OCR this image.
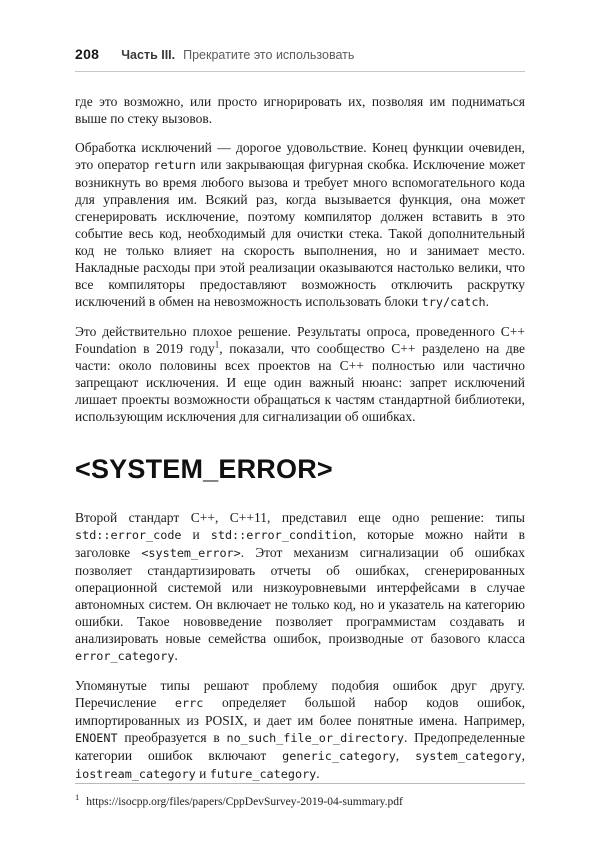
208 Часть III. Прекратите это использовать

где это возможно, или просто игнорировать их, позволяя им подниматься выше по стеку вызовов.

Обработка исключений — дорогое удовольствие. Конец функции очевиден, это оператор return или закрывающая фигурная скобка. Исключение может возникнуть во время любого вызова и требует много вспомогательного кода для управления им. Всякий раз, когда вызывается функция, она может сгенерировать исключение, поэтому компилятор должен вставить в это событие весь код, необходимый для очистки стека. Такой дополнительный код не только влияет на скорость выполнения, но и занимает место. Накладные расходы при этой реализации оказываются настолько велики, что все компиляторы предоставляют возможность отключить раскрутку исключений в обмен на невозможность использовать блоки try/catch.

Это действительно плохое решение. Результаты опроса, проведенного C++ Foundation в 2019 году$^1$, показали, что сообщество C++ разделено на две части: около половины всех проектов на C++ полностью или частично запрещают исключения. И еще один важный нюанс: запрет исключений лишает проекты возможности обращаться к частям стандартной библиотеки, использующим исключения для сигнализации об ошибках.

<SYSTEM_ERROR>

Второй стандарт C++, C++11, представил еще одно решение: типы std::error_code и std::error_condition, которые можно найти в заголовке <system_error>. Этот механизм сигнализации об ошибках позволяет стандартизировать отчеты об ошибках, сгенерированных операционной системой или низкоуровневыми интерфейсами в случае автономных систем. Он включает не только код, но и указатель на категорию ошибки. Такое нововведение позволяет программистам создавать и анализировать новые семейства ошибок, производные от базового класса error_category.

Упомянутые типы решают проблему подобия ошибок друг другу. Перечисление errc определяет большой набор кодов ошибок, импортированных из POSIX, и дает им более понятные имена. Например, ENOENT преобразуется в no_such_file_or_directory. Предопределенные категории ошибок включают generic_category, system_category, iostream_category и future_category.

$^1$ https://isocpp.org/files/papers/CppDevSurvey-2019-04-summary.pdf
